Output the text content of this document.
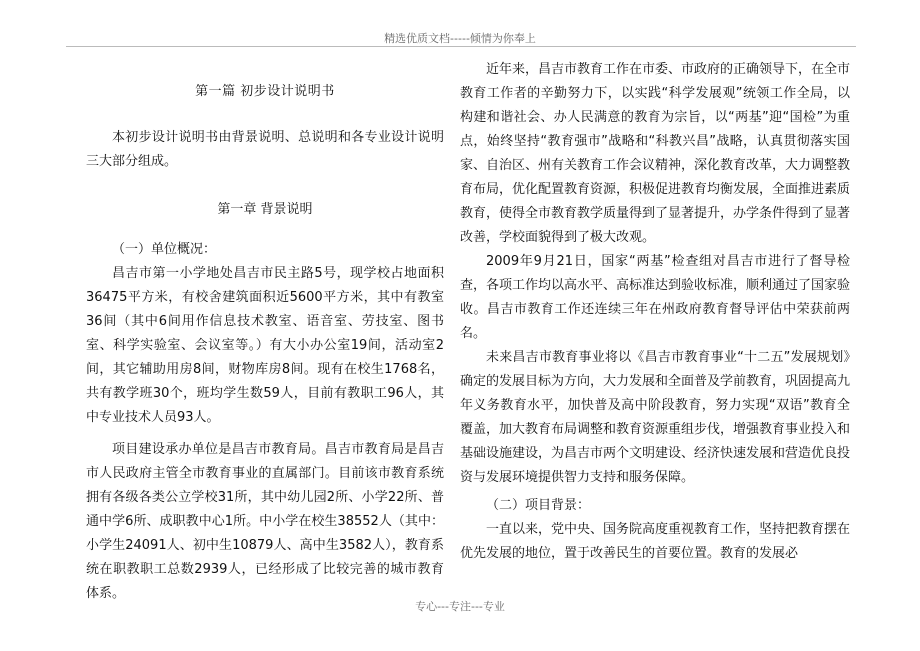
精选优质文档-----倾情为你奉上

第一篇 初步设计说明书

本初步设计说明书由背景说明、总说明和各专业设计说明三大部分组成。

第一章 背景说明

（一）单位概况：

昌吉市第一小学地处昌吉市民主路5号，现学校占地面积36475平方米，有校舍建筑面积近5600平方米，其中有教室36间（其中6间用作信息技术教室、语音室、劳技室、图书室、科学实验室、会议室等。）有大小办公室19间，活动室2间，其它辅助用房8间，财物库房8间。现有在校生1768名，共有教学班30个，班均学生数59人，目前有教职工96人，其中专业技术人员93人。

项目建设承办单位是昌吉市教育局。昌吉市教育局是昌吉市人民政府主管全市教育事业的直属部门。目前该市教育系统拥有各级各类公立学校31所，其中幼儿园2所、小学22所、普通中学6所、成职教中心1所。中小学在校生38552人（其中：小学生24091人、初中生10879人、高中生3582人），教育系统在职教职工总数2939人，已经形成了比较完善的城市教育体系。

近年来，昌吉市教育工作在市委、市政府的正确领导下，在全市教育工作者的辛勤努力下，以实践“科学发展观”统领工作全局，以构建和谐社会、办人民满意的教育为宗旨，以“两基”迎“国检”为重点，始终坚持“教育强市”战略和“科教兴昌”战略，认真贯彻落实国家、自治区、州有关教育工作会议精神，深化教育改革，大力调整教育布局，优化配置教育资源，积极促进教育均衡发展，全面推进素质教育，使得全市教育教学质量得到了显著提升，办学条件得到了显著改善，学校面貌得到了极大改观。

2009年9月21日，国家“两基”检查组对昌吉市进行了督导检查，各项工作均以高水平、高标准达到验收标准，顺利通过了国家验收。昌吉市教育工作还连续三年在州政府教育督导评估中荣获前两名。

未来昌吉市教育事业将以《昌吉市教育事业“十二五”发展规划》确定的发展目标为方向，大力发展和全面普及学前教育，巩固提高九年义务教育水平，加快普及高中阶段教育，努力实现“双语”教育全覆盖，加大教育布局调整和教育资源重组步伐，增强教育事业投入和基础设施建设，为昌吉市两个文明建设、经济快速发展和营造优良投资与发展环境提供智力支持和服务保障。

（二）项目背景：

一直以来，党中央、国务院高度重视教育工作，坚持把教育摆在优先发展的地位，置于改善民生的首要位置。教育的发展必

专心---专注---专业
